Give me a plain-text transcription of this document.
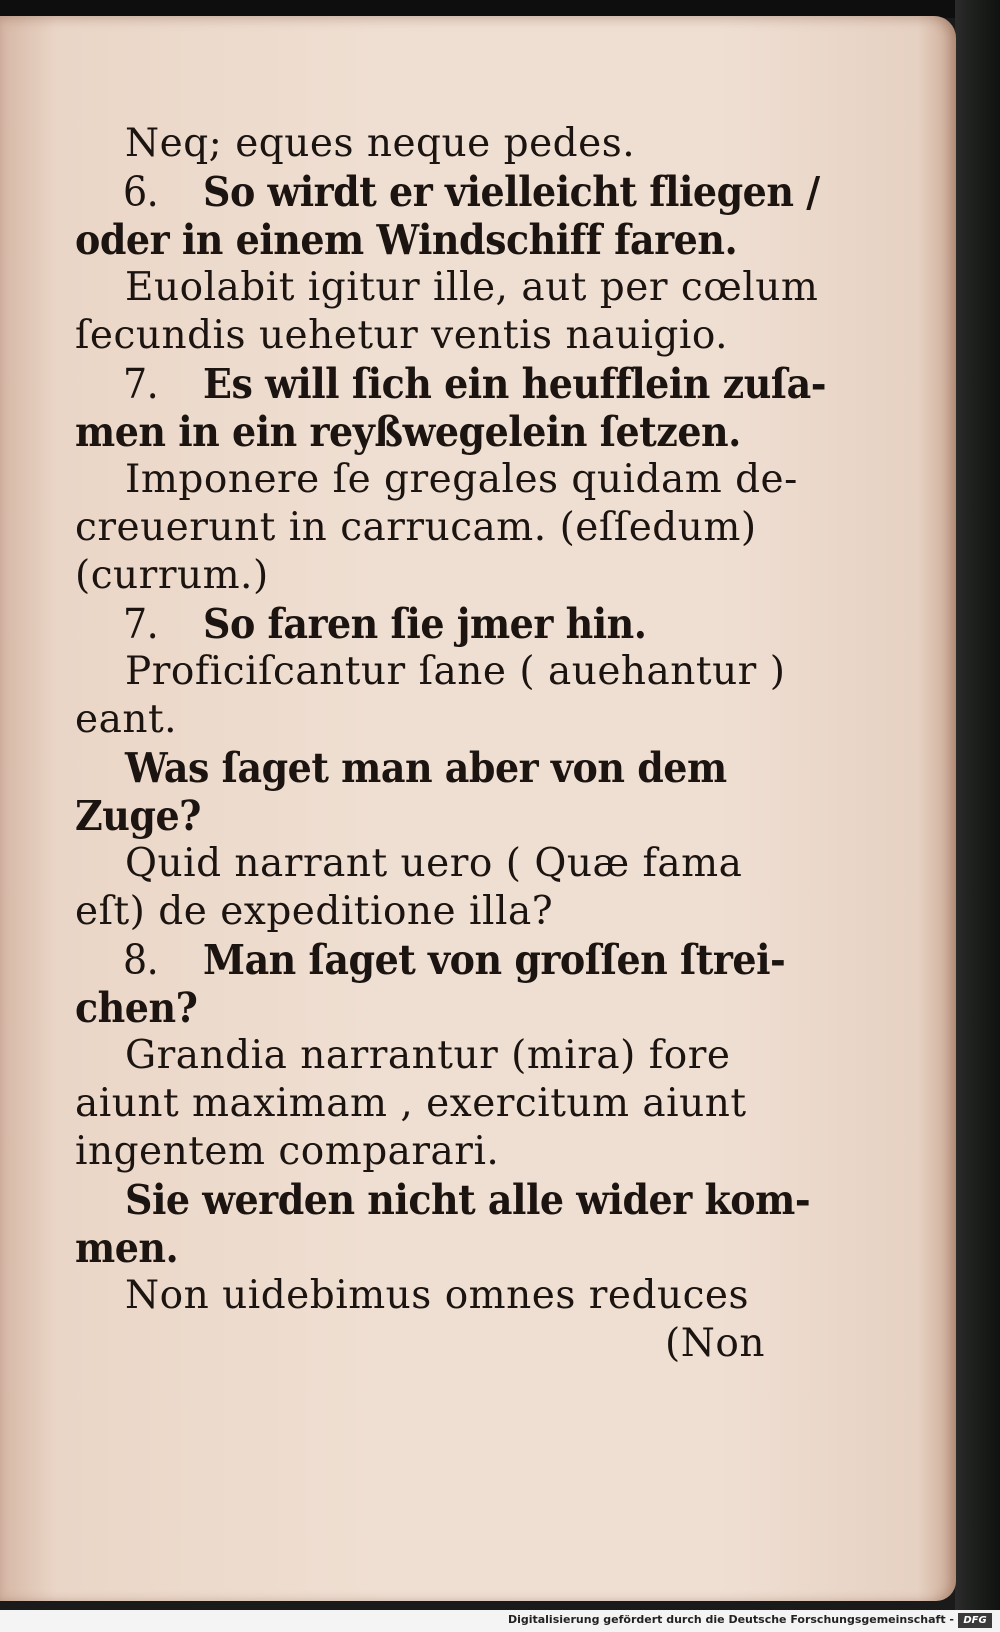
Neq; eques neque pedes.
6. So wirdt er vielleicht fliegen /
oder in einem Windschiff faren.
Euolabit igitur ille, aut per cœlum
ſecundis uehetur ventis nauigio.
7. Es will ſich ein heufflein zuſa-
men in ein reyßwegelein ſetzen.
Imponere ſe gregales quidam de-
creuerunt in carrucam. (eſſedum)
(currum.)
7. So faren ſie jmer hin.
Proficiſcantur ſane ( auehantur )
eant.
Was ſaget man aber von dem
Zuge?
Quid narrant uero ( Quæ fama
eſt) de expeditione illa?
8. Man ſaget von groſſen ſtrei-
chen?
Grandia narrantur (mira) fore
aiunt maximam , exercitum aiunt
ingentem comparari.
Sie werden nicht alle wider kom-
men.
Non uidebimus omnes reduces
(Non
Digitalisierung gefördert durch die Deutsche Forschungsgemeinschaft - DFG
